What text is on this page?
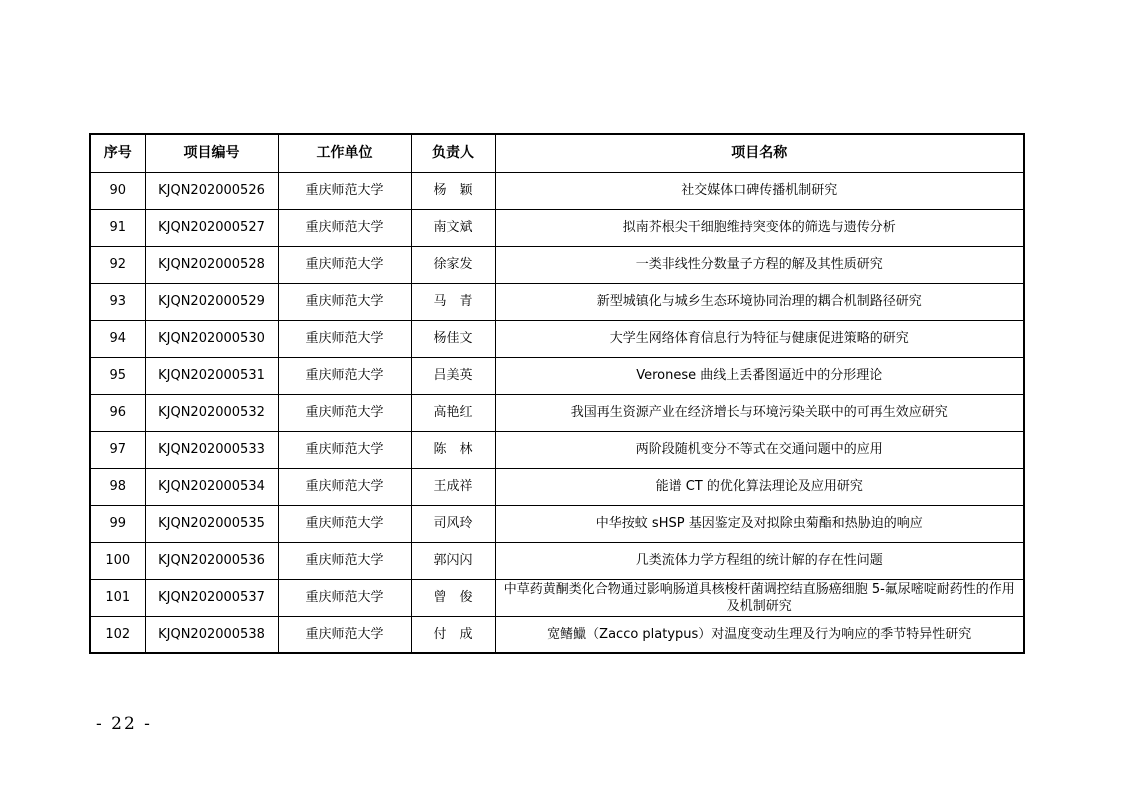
序号	项目编号	工作单位	负责人	项目名称
90	KJQN202000526	重庆师范大学	杨　颖	社交媒体口碑传播机制研究
91	KJQN202000527	重庆师范大学	南文斌	拟南芥根尖干细胞维持突变体的筛选与遗传分析
92	KJQN202000528	重庆师范大学	徐家发	一类非线性分数量子方程的解及其性质研究
93	KJQN202000529	重庆师范大学	马　青	新型城镇化与城乡生态环境协同治理的耦合机制路径研究
94	KJQN202000530	重庆师范大学	杨佳文	大学生网络体育信息行为特征与健康促进策略的研究
95	KJQN202000531	重庆师范大学	吕美英	Veronese 曲线上丢番图逼近中的分形理论
96	KJQN202000532	重庆师范大学	高艳红	我国再生资源产业在经济增长与环境污染关联中的可再生效应研究
97	KJQN202000533	重庆师范大学	陈　林	两阶段随机变分不等式在交通问题中的应用
98	KJQN202000534	重庆师范大学	王成祥	能谱 CT 的优化算法理论及应用研究
99	KJQN202000535	重庆师范大学	司风玲	中华按蚊 sHSP 基因鉴定及对拟除虫菊酯和热胁迫的响应
100	KJQN202000536	重庆师范大学	郭闪闪	几类流体力学方程组的统计解的存在性问题
101	KJQN202000537	重庆师范大学	曾　俊	中草药黄酮类化合物通过影响肠道具核梭杆菌调控结直肠癌细胞 5-氟尿嘧啶耐药性的作用及机制研究
102	KJQN202000538	重庆师范大学	付　成	宽鳍鱲（Zacco platypus）对温度变动生理及行为响应的季节特异性研究
- 22 -
